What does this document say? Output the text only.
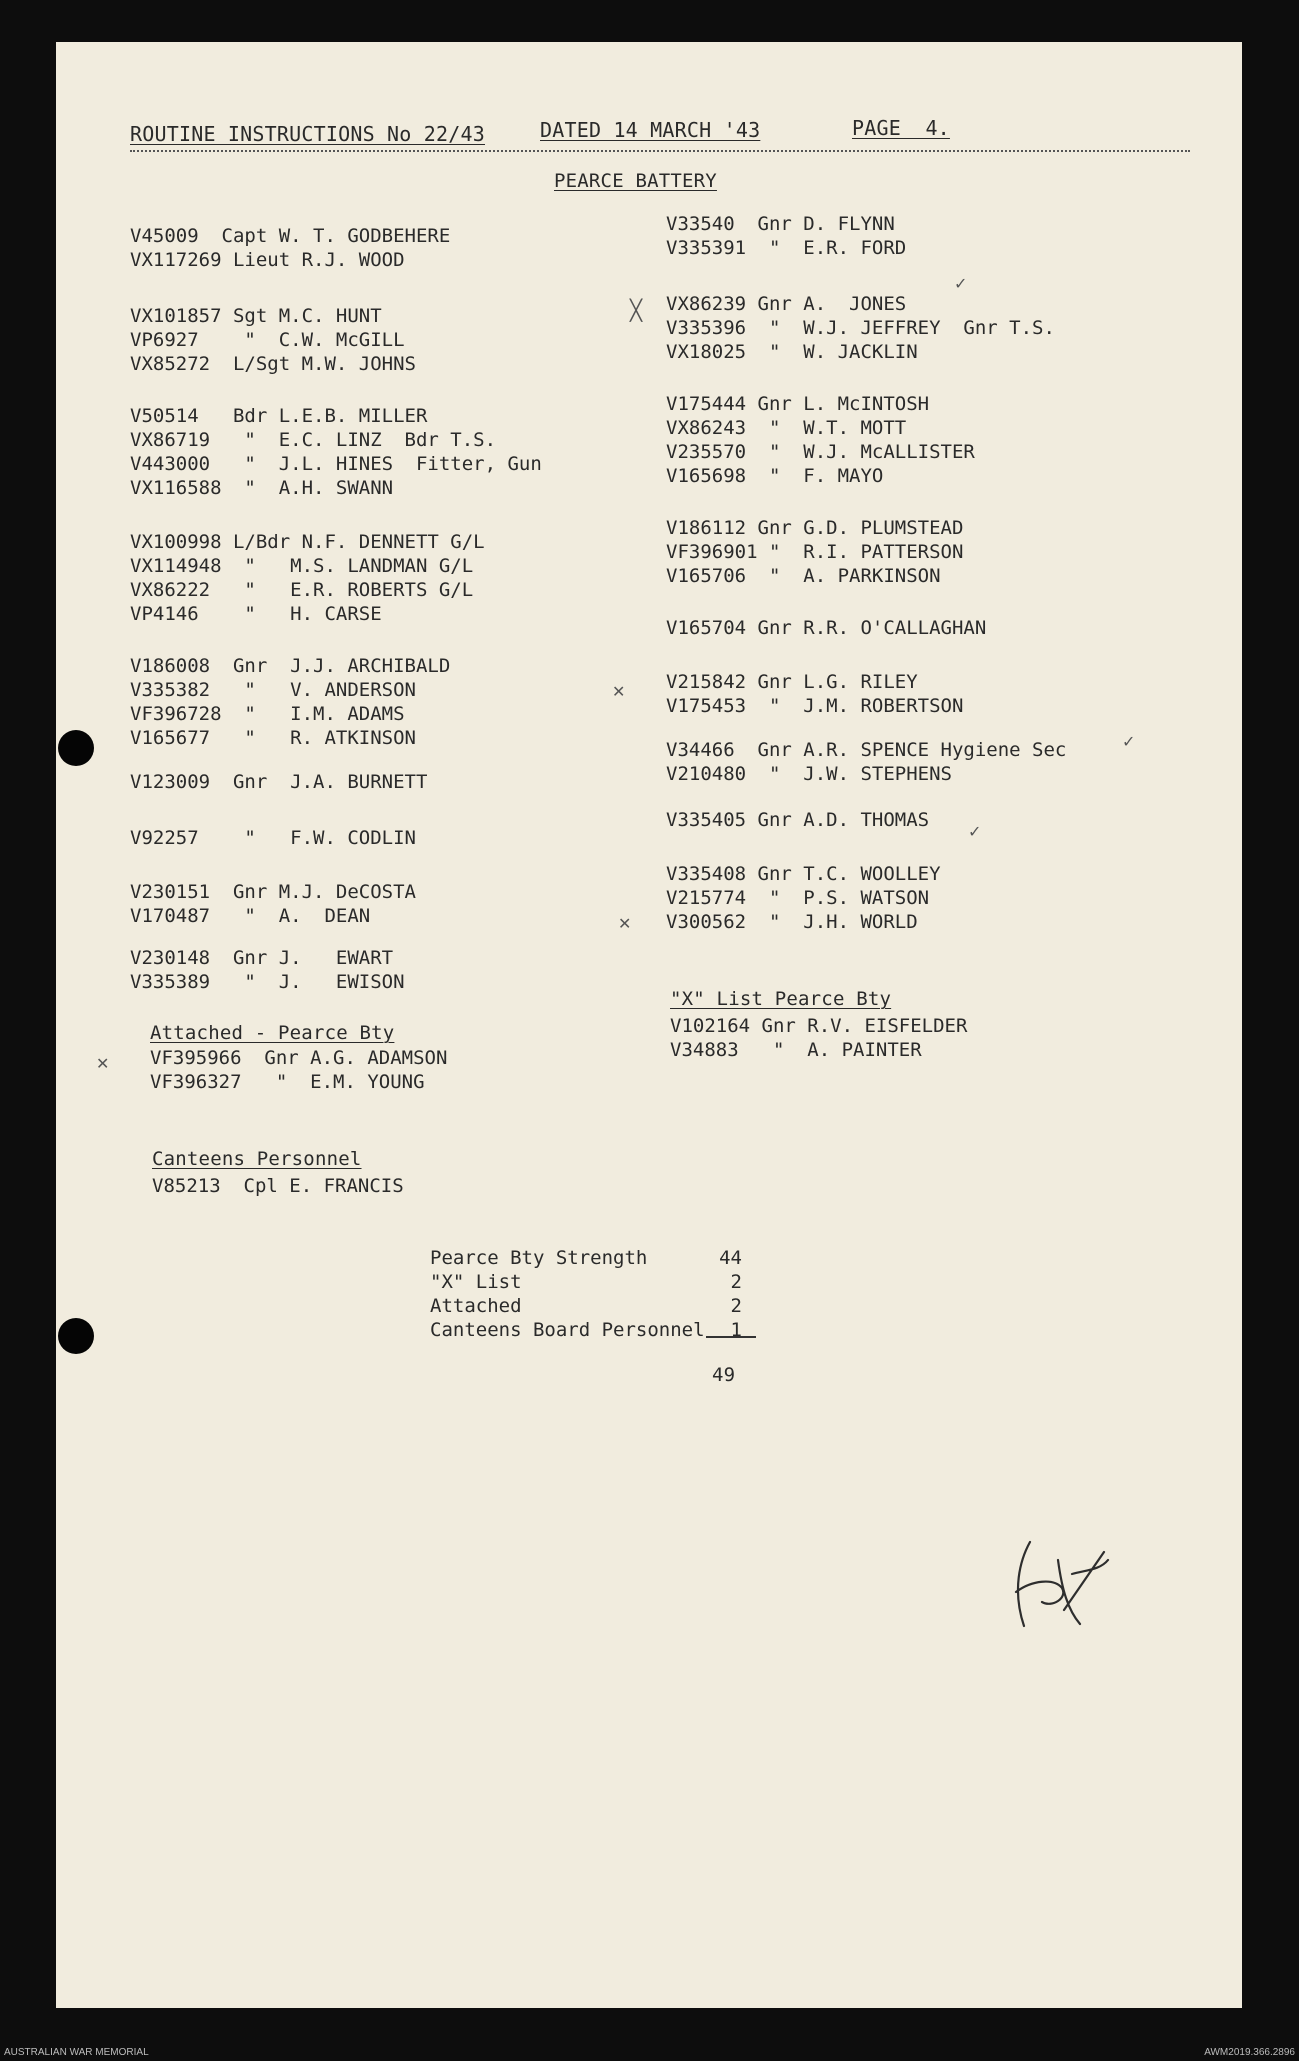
ROUTINE INSTRUCTIONS No 22/43	DATED 14 MARCH '43	PAGE  4.
PEARCE BATTERY
V45009  Capt W. T. GODBEHERE
VX117269 Lieut R.J. WOOD
VX101857 Sgt M.C. HUNT
VP6927    "  C.W. McGILL
VX85272  L/Sgt M.W. JOHNS
V50514   Bdr L.E.B. MILLER
VX86719   "  E.C. LINZ  Bdr T.S.
V443000   "  J.L. HINES  Fitter, Gun
VX116588  "  A.H. SWANN
VX100998 L/Bdr N.F. DENNETT G/L
VX114948  "   M.S. LANDMAN G/L
VX86222   "   E.R. ROBERTS G/L
VP4146    "   H. CARSE
V186008  Gnr  J.J. ARCHIBALD
V335382   "   V. ANDERSON
VF396728  "   I.M. ADAMS
V165677   "   R. ATKINSON
V123009  Gnr  J.A. BURNETT
V92257    "   F.W. CODLIN
V230151  Gnr M.J. DeCOSTA
V170487   "  A.  DEAN
V230148  Gnr J.   EWART
V335389   "  J.   EWISON
Attached - Pearce Bty
VF395966  Gnr A.G. ADAMSON
VF396327   "  E.M. YOUNG
Canteens Personnel
V85213  Cpl E. FRANCIS
V33540  Gnr D. FLYNN
V335391  "  E.R. FORD
VX86239 Gnr A.  JONES
V335396  "  W.J. JEFFREY  Gnr T.S.
VX18025  "  W. JACKLIN
V175444 Gnr L. McINTOSH
VX86243  "  W.T. MOTT
V235570  "  W.J. McALLISTER
V165698  "  F. MAYO
V186112 Gnr G.D. PLUMSTEAD
VF396901 "  R.I. PATTERSON
V165706  "  A. PARKINSON
V165704 Gnr R.R. O'CALLAGHAN
V215842 Gnr L.G. RILEY
V175453  "  J.M. ROBERTSON
V34466  Gnr A.R. SPENCE Hygiene Sec
V210480  "  J.W. STEPHENS
V335405 Gnr A.D. THOMAS
V335408 Gnr T.C. WOOLLEY
V215774  "  P.S. WATSON
V300562  "  J.H. WORLD
"X" List Pearce Bty
V102164 Gnr R.V. EISFELDER
V34883   "  A. PAINTER
Pearce Bty Strength	44
"X" List	2
Attached	2
Canteens Board Personnel	1
49
╳
✕
✕
✕
✓
✓
✓
AUSTRALIAN WAR MEMORIAL	AWM2019.366.2896
